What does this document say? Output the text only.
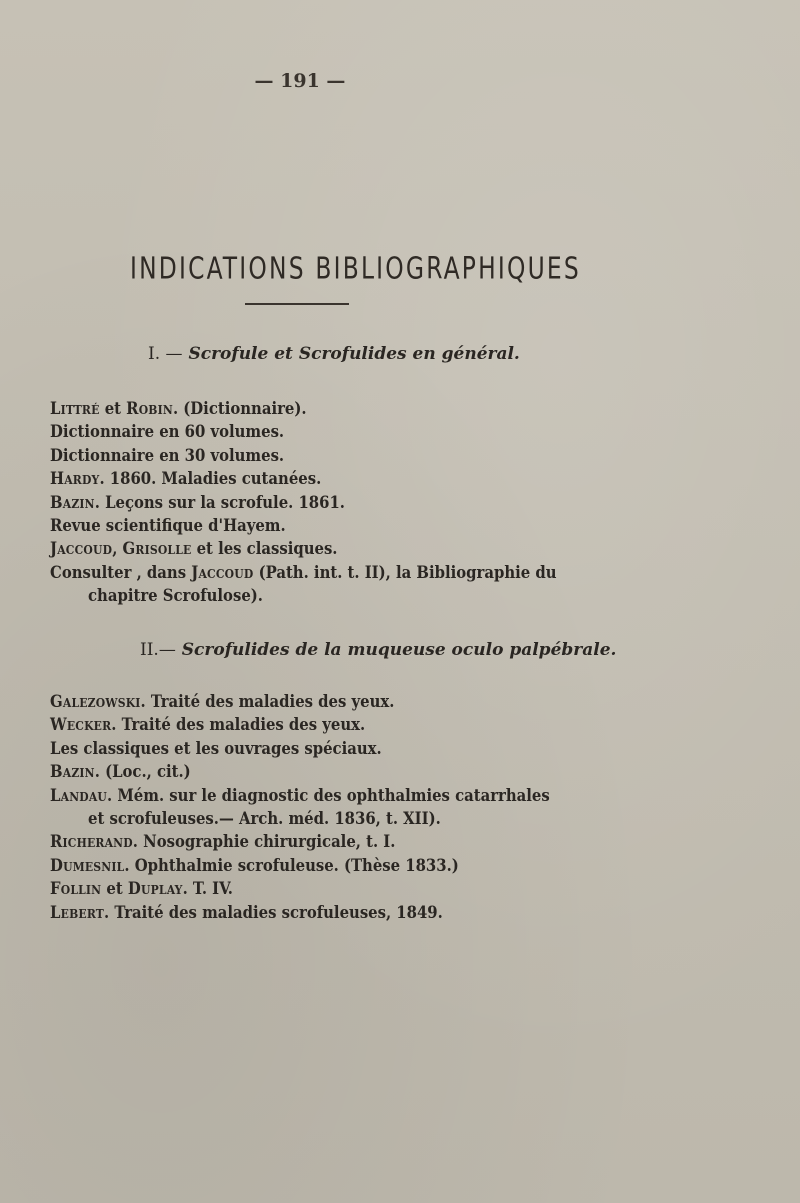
— 191 —
INDICATIONS BIBLIOGRAPHIQUES
I. — Scrofule et Scrofulides en général.
Littré et Robin. (Dictionnaire).
Dictionnaire en 60 volumes.
Dictionnaire en 30 volumes.
Hardy. 1860. Maladies cutanées.
Bazin. Leçons sur la scrofule. 1861.
Revue scientifique d'Hayem.
Jaccoud, Grisolle et les classiques.
Consulter , dans Jaccoud (Path. int. t. II), la Bibliographie du chapitre Scrofulose).
II.— Scrofulides de la muqueuse oculo palpébrale.
Galezowski. Traité des maladies des yeux.
Wecker. Traité des maladies des yeux.
Les classiques et les ouvrages spéciaux.
Bazin. (Loc., cit.)
Landau. Mém. sur le diagnostic des ophthalmies catarrhales et scrofuleuses.— Arch. méd. 1836, t. XII).
Richerand. Nosographie chirurgicale, t. I.
Dumesnil. Ophthalmie scrofuleuse. (Thèse 1833.)
Follin et Duplay. T. IV.
Lebert. Traité des maladies scrofuleuses, 1849.
